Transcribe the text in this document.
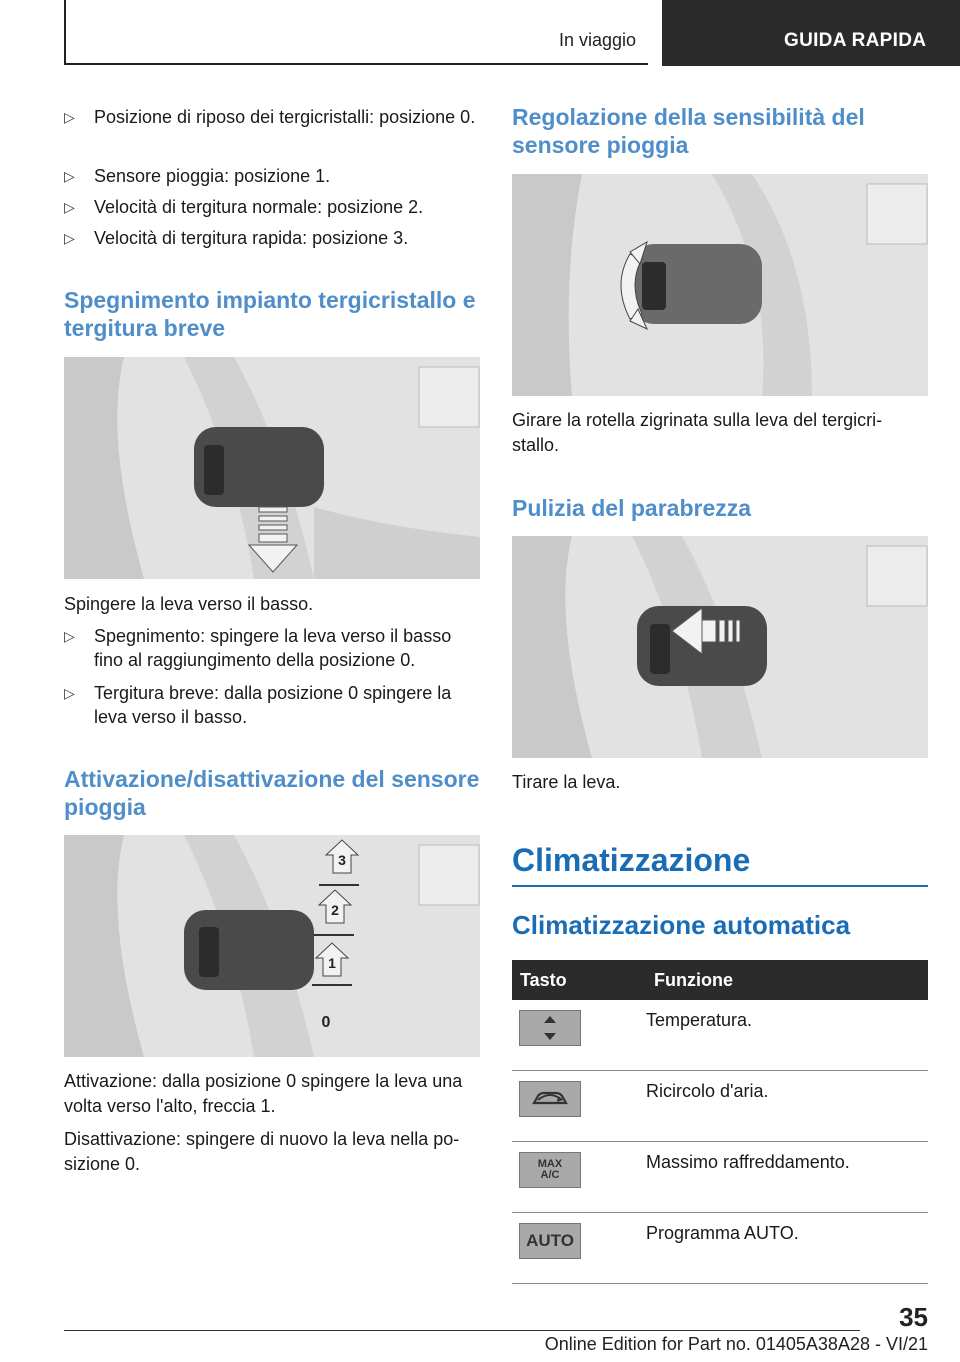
In viaggio	GUIDA RAPIDA
▷ Posizione di riposo dei tergicristalli: posizione 0.
▷ Sensore pioggia: posizione 1.
▷ Velocità di tergitura normale: posizione 2.
▷ Velocità di tergitura rapida: posizione 3.
Spegnimento impianto tergicristallo e tergitura breve
Spingere la leva verso il basso.
▷ Spegnimento: spingere la leva verso il basso fino al raggiungimento della posizione 0.
▷ Tergitura breve: dalla posizione 0 spingere la leva verso il basso.
Attivazione/disattivazione del sensore pioggia
3
2
1
0
Attivazione: dalla posizione 0 spingere la leva una volta verso l'alto, freccia 1.
Disattivazione: spingere di nuovo la leva nella po‐sizione 0.
Regolazione della sensibilità del sensore pioggia
Girare la rotella zigrinata sulla leva del tergicri‐stallo.
Pulizia del parabrezza
Tirare la leva.
Climatizzazione
Climatizzazione automatica
Tasto	Funzione

	Temperatura.

	Ricircolo d'aria.

MAX
A/C	Massimo raffreddamento.

AUTO	Programma AUTO.
35
Online Edition for Part no. 01405A38A28 - VI/21
